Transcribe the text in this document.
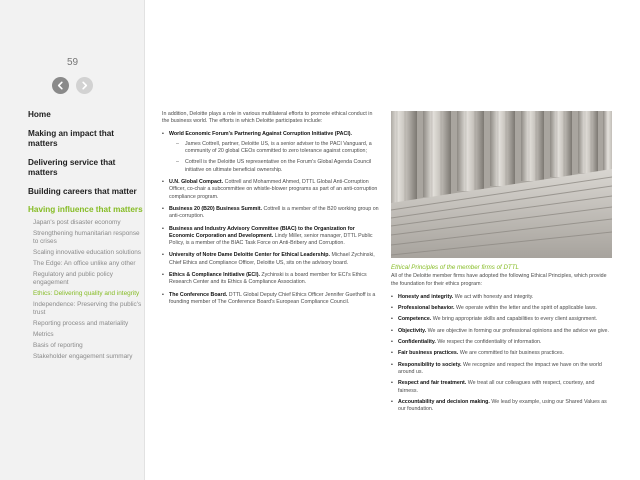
59
Home
Making an impact that matters
Delivering service that matters
Building careers that matter
Having influence that matters
Japan's post disaster economy
Strengthening humanitarian response to crises
Scaling innovative education solutions
The Edge: An office unlike any other
Regulatory and public policy engagement
Ethics: Delivering quality and integrity
Independence: Preserving the public's trust
Reporting process and materiality
Metrics
Basis of reporting
Stakeholder engagement summary

In addition, Deloitte plays a role in various multilateral efforts to promote ethical conduct in the business world. The efforts in which Deloitte participates include:

• World Economic Forum's Partnering Against Corruption Initiative (PACI).
– James Cottrell, partner, Deloitte US, is a senior adviser to the PACI Vanguard, a community of 20 global CEOs committed to zero tolerance against corruption;
– Cottrell is the Deloitte US representative on the Forum's Global Agenda Council initiative on ultimate beneficial ownership.
• U.N. Global Compact. Cottrell and Mohammed Ahmed, DTTL Global Anti-Corruption Officer, co-chair a subcommittee on whistle-blower programs as part of an anti-corruption compliance program.
• Business 20 (B20) Business Summit. Cottrell is a member of the B20 working group on anti-corruption.
• Business and Industry Advisory Committee (BIAC) to the Organization for Economic Corporation and Development. Lindy Miller, senior manager, DTTL Public Policy, is a member of the BIAC Task Force on Anti-Bribery and Corruption.
• University of Notre Dame Deloitte Center for Ethical Leadership. Michael Zychinski, Chief Ethics and Compliance Officer, Deloitte US, sits on the advisory board.
• Ethics & Compliance Initiative (ECI). Zychinski is a board member for ECI's Ethics Research Center and its Ethics & Compliance Association.
• The Conference Board. DTTL Global Deputy Chief Ethics Officer Jennifer Guethoff is a founding member of The Conference Board's European Compliance Council.
Ethical Principles of the member firms of DTTL

All of the Deloitte member firms have adopted the following Ethical Principles, which provide the foundation for their ethics program:

• Honesty and integrity. We act with honesty and integrity.
• Professional behavior. We operate within the letter and the spirit of applicable laws.
• Competence. We bring appropriate skills and capabilities to every client assignment.
• Objectivity. We are objective in forming our professional opinions and the advice we give.
• Confidentiality. We respect the confidentiality of information.
• Fair business practices. We are committed to fair business practices.
• Responsibility to society. We recognize and respect the impact we have on the world around us.
• Respect and fair treatment. We treat all our colleagues with respect, courtesy, and fairness.
• Accountability and decision making. We lead by example, using our Shared Values as our foundation.
